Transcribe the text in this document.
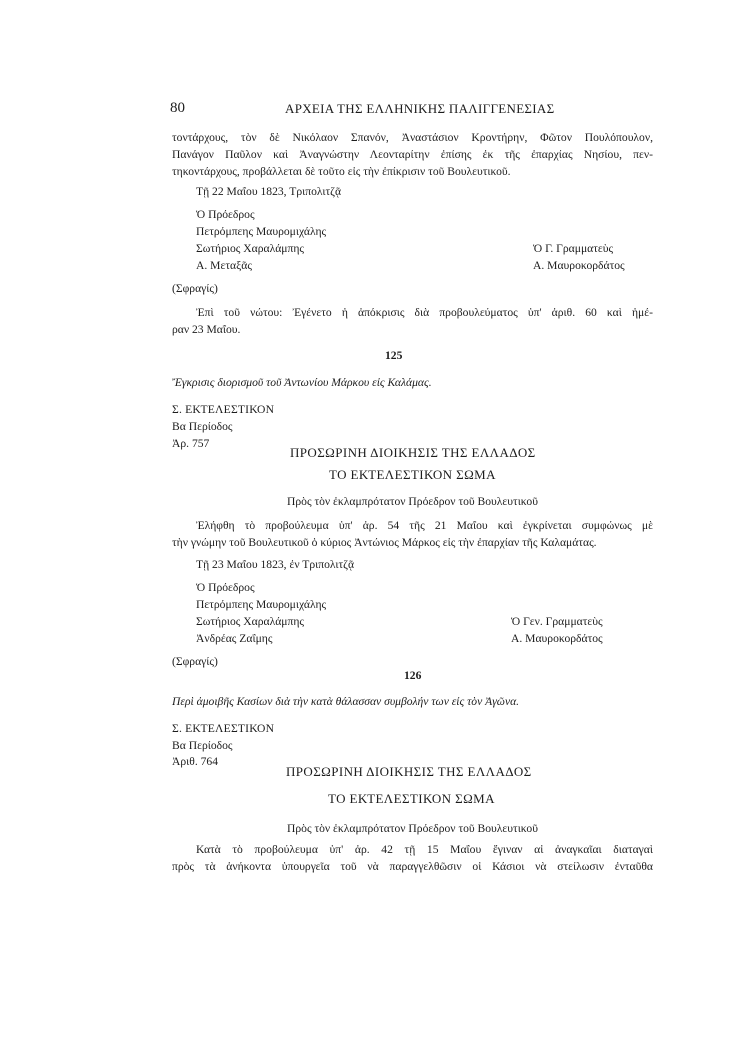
80	ΑΡΧΕΙΑ ΤΗΣ ΕΛΛΗΝΙΚΗΣ ΠΑΛΙΓΓΕΝΕΣΙΑΣ
τοντάρχους, τὸν δὲ Νικόλαον Σπανόν, Ἀναστάσιον Κροντήρην, Φῶτον Πουλόπουλον,
Πανάγον Παῦλον καὶ Ἀναγνώστην Λεονταρίτην ἐπίσης ἐκ τῆς ἐπαρχίας Νησίου, πεν-
τηκοντάρχους, προβάλλεται δὲ τοῦτο εἰς τὴν ἐπίκρισιν τοῦ Βουλευτικοῦ.
Τῇ 22 Μαΐου 1823, Τριπολιτζᾷ
Ὁ Πρόεδρος
Πετρόμπεης Μαυρομιχάλης
Σωτήριος Χαραλάμπης
Α. Μεταξᾶς
Ὁ Γ. Γραμματεὺς
Α. Μαυροκορδάτος
(Σφραγίς)
Ἐπὶ τοῦ νώτου: Ἐγένετο ἡ ἀπόκρισις διὰ προβουλεύματος ὑπ' ἀριθ. 60 καὶ ἡμέ-
ραν 23 Μαΐου.
125
Ἔγκρισις διορισμοῦ τοῦ Ἀντωνίου Μάρκου εἰς Καλάμας.
Σ. ΕΚΤΕΛΕΣΤΙΚΟΝ
Βα Περίοδος
Ἀρ. 757
ΠΡΟΣΩΡΙΝΗ ΔΙΟΙΚΗΣΙΣ ΤΗΣ ΕΛΛΑΔΟΣ
ΤΟ ΕΚΤΕΛΕΣΤΙΚΟΝ ΣΩΜΑ
Πρὸς τὸν ἐκλαμπρότατον Πρόεδρον τοῦ Βουλευτικοῦ
Ἐλήφθη τὸ προβούλευμα ὑπ' ἀρ. 54 τῆς 21 Μαΐου καὶ ἐγκρίνεται συμφώνως μὲ
τὴν γνώμην τοῦ Βουλευτικοῦ ὁ κύριος Ἀντώνιος Μάρκος εἰς τὴν ἐπαρχίαν τῆς Καλαμάτας.
Τῇ 23 Μαΐου 1823, ἐν Τριπολιτζᾷ
Ὁ Πρόεδρος
Πετρόμπεης Μαυρομιχάλης
Σωτήριος Χαραλάμπης
Ἀνδρέας Ζαΐμης
Ὁ Γεν. Γραμματεὺς
Α. Μαυροκορδάτος
(Σφραγίς)
126
Περὶ ἀμοιβῆς Κασίων διὰ τὴν κατὰ θάλασσαν συμβολήν των εἰς τὸν Ἀγῶνα.
Σ. ΕΚΤΕΛΕΣΤΙΚΟΝ
Βα Περίοδος
Ἀριθ. 764
ΠΡΟΣΩΡΙΝΗ ΔΙΟΙΚΗΣΙΣ ΤΗΣ ΕΛΛΑΔΟΣ
ΤΟ ΕΚΤΕΛΕΣΤΙΚΟΝ ΣΩΜΑ
Πρὸς τὸν ἐκλαμπρότατον Πρόεδρον τοῦ Βουλευτικοῦ
Κατὰ τὸ προβούλευμα ὑπ' ἀρ. 42 τῇ 15 Μαΐου ἔγιναν αἱ ἀναγκαῖαι διαταγαὶ
πρὸς τὰ ἀνήκοντα ὑπουργεῖα τοῦ νὰ παραγγελθῶσιν οἱ Κάσιοι νὰ στείλωσιν ἐνταῦθα
